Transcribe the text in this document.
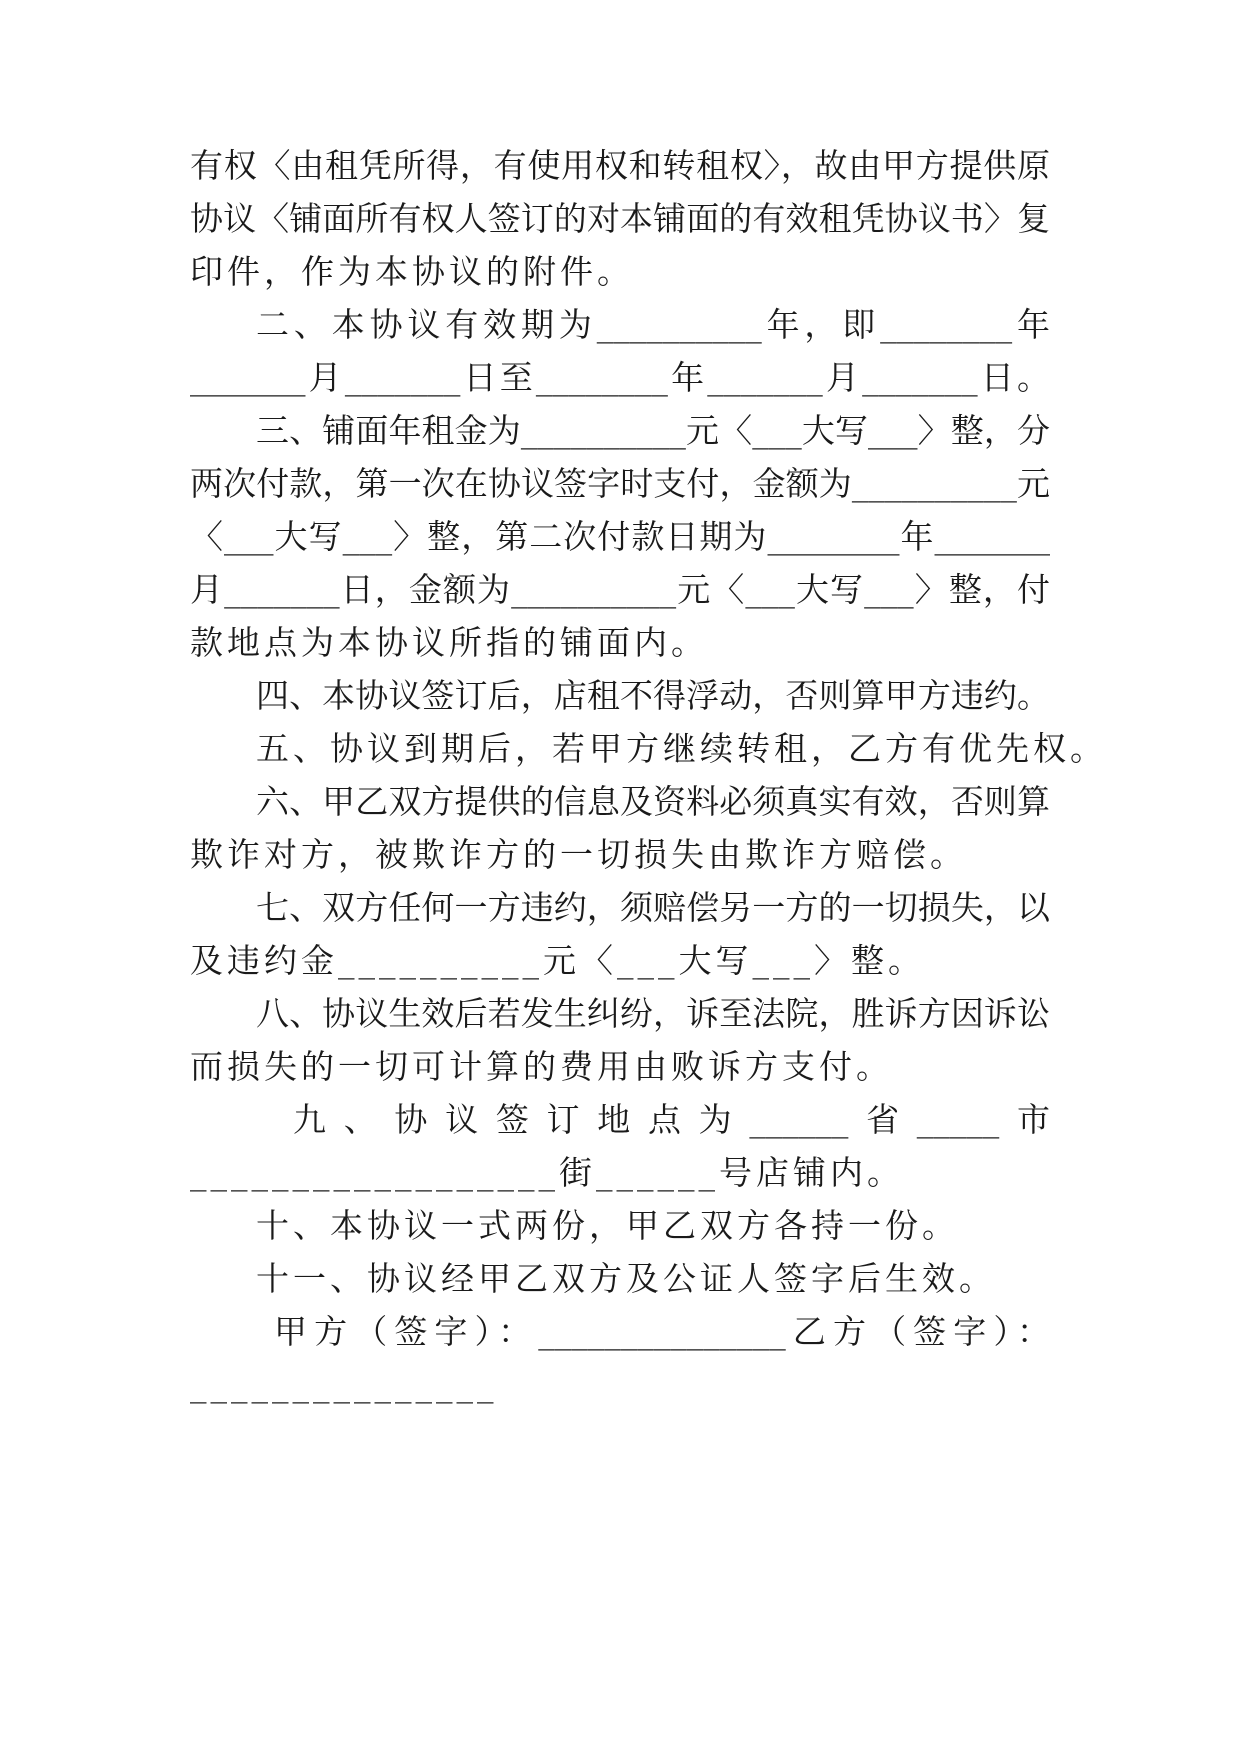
有权〈由租凭所得，有使用权和转租权〉，故由甲方提供原
协议〈铺面所有权人签订的对本铺面的有效租凭协议书〉复
印件，作为本协议的附件。
二、本协议有效期为__________年，即________年
_______月_______日至________年_______月_______日。
三、铺面年租金为__________元〈___大写___〉整，分
两次付款，第一次在协议签字时支付，金额为__________元
〈___大写___〉整，第二次付款日期为________年_______
月_______日，金额为__________元〈___大写___〉整，付
款地点为本协议所指的铺面内。
四、本协议签订后，店租不得浮动，否则算甲方违约。
五、协议到期后，若甲方继续转租，乙方有优先权。
六、甲乙双方提供的信息及资料必须真实有效，否则算
欺诈对方，被欺诈方的一切损失由欺诈方赔偿。
七、双方任何一方违约，须赔偿另一方的一切损失，以
及违约金__________元〈___大写___〉整。
八、协议生效后若发生纠纷，诉至法院，胜诉方因诉讼
而损失的一切可计算的费用由败诉方支付。
九、协议签订地点为______省_____市
__________________街______号店铺内。
十、本协议一式两份，甲乙双方各持一份。
十一、协议经甲乙双方及公证人签字后生效。
甲方（签字）：_______________乙方（签字）：
_______________
